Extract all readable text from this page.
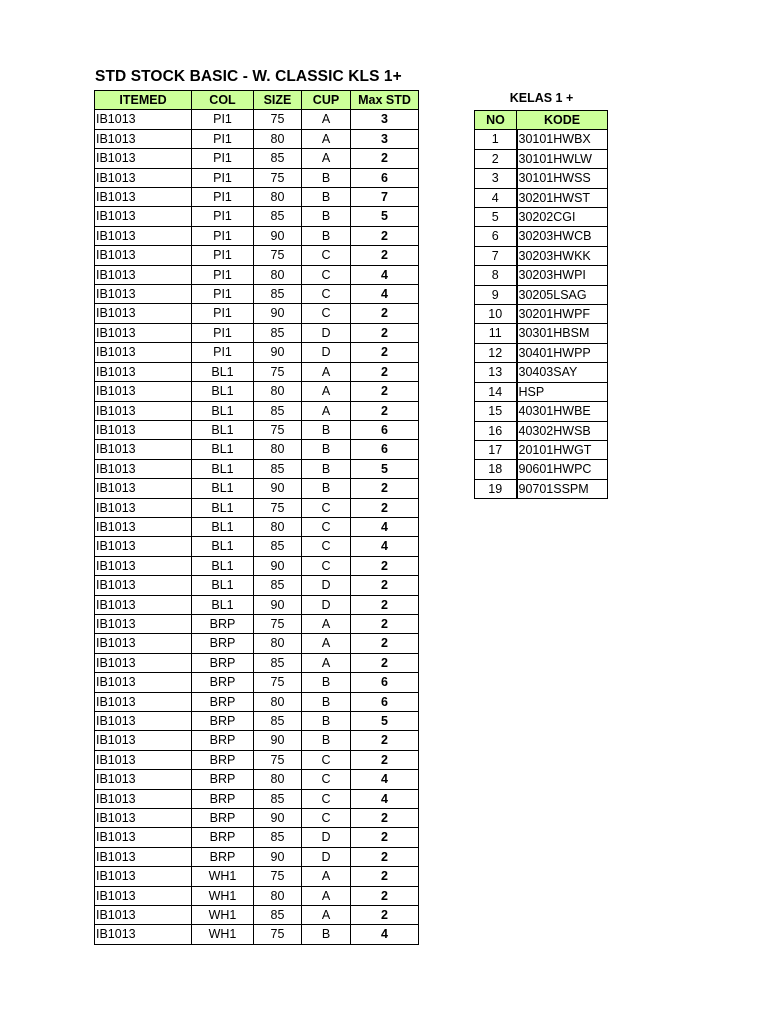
STD STOCK BASIC - W. CLASSIC KLS 1+
ITEMED	COL	SIZE	CUP	Max STD
IB1013	PI1	75	A	3
IB1013	PI1	80	A	3
IB1013	PI1	85	A	2
IB1013	PI1	75	B	6
IB1013	PI1	80	B	7
IB1013	PI1	85	B	5
IB1013	PI1	90	B	2
IB1013	PI1	75	C	2
IB1013	PI1	80	C	4
IB1013	PI1	85	C	4
IB1013	PI1	90	C	2
IB1013	PI1	85	D	2
IB1013	PI1	90	D	2
IB1013	BL1	75	A	2
IB1013	BL1	80	A	2
IB1013	BL1	85	A	2
IB1013	BL1	75	B	6
IB1013	BL1	80	B	6
IB1013	BL1	85	B	5
IB1013	BL1	90	B	2
IB1013	BL1	75	C	2
IB1013	BL1	80	C	4
IB1013	BL1	85	C	4
IB1013	BL1	90	C	2
IB1013	BL1	85	D	2
IB1013	BL1	90	D	2
IB1013	BRP	75	A	2
IB1013	BRP	80	A	2
IB1013	BRP	85	A	2
IB1013	BRP	75	B	6
IB1013	BRP	80	B	6
IB1013	BRP	85	B	5
IB1013	BRP	90	B	2
IB1013	BRP	75	C	2
IB1013	BRP	80	C	4
IB1013	BRP	85	C	4
IB1013	BRP	90	C	2
IB1013	BRP	85	D	2
IB1013	BRP	90	D	2
IB1013	WH1	75	A	2
IB1013	WH1	80	A	2
IB1013	WH1	85	A	2
IB1013	WH1	75	B	4
KELAS 1 +
NO	KODE
1	30101HWBX
2	30101HWLW
3	30101HWSS
4	30201HWST
5	30202CGI
6	30203HWCB
7	30203HWKK
8	30203HWPI
9	30205LSAG
10	30201HWPF
11	30301HBSM
12	30401HWPP
13	30403SAY
14	HSP
15	40301HWBE
16	40302HWSB
17	20101HWGT
18	90601HWPC
19	90701SSPM
